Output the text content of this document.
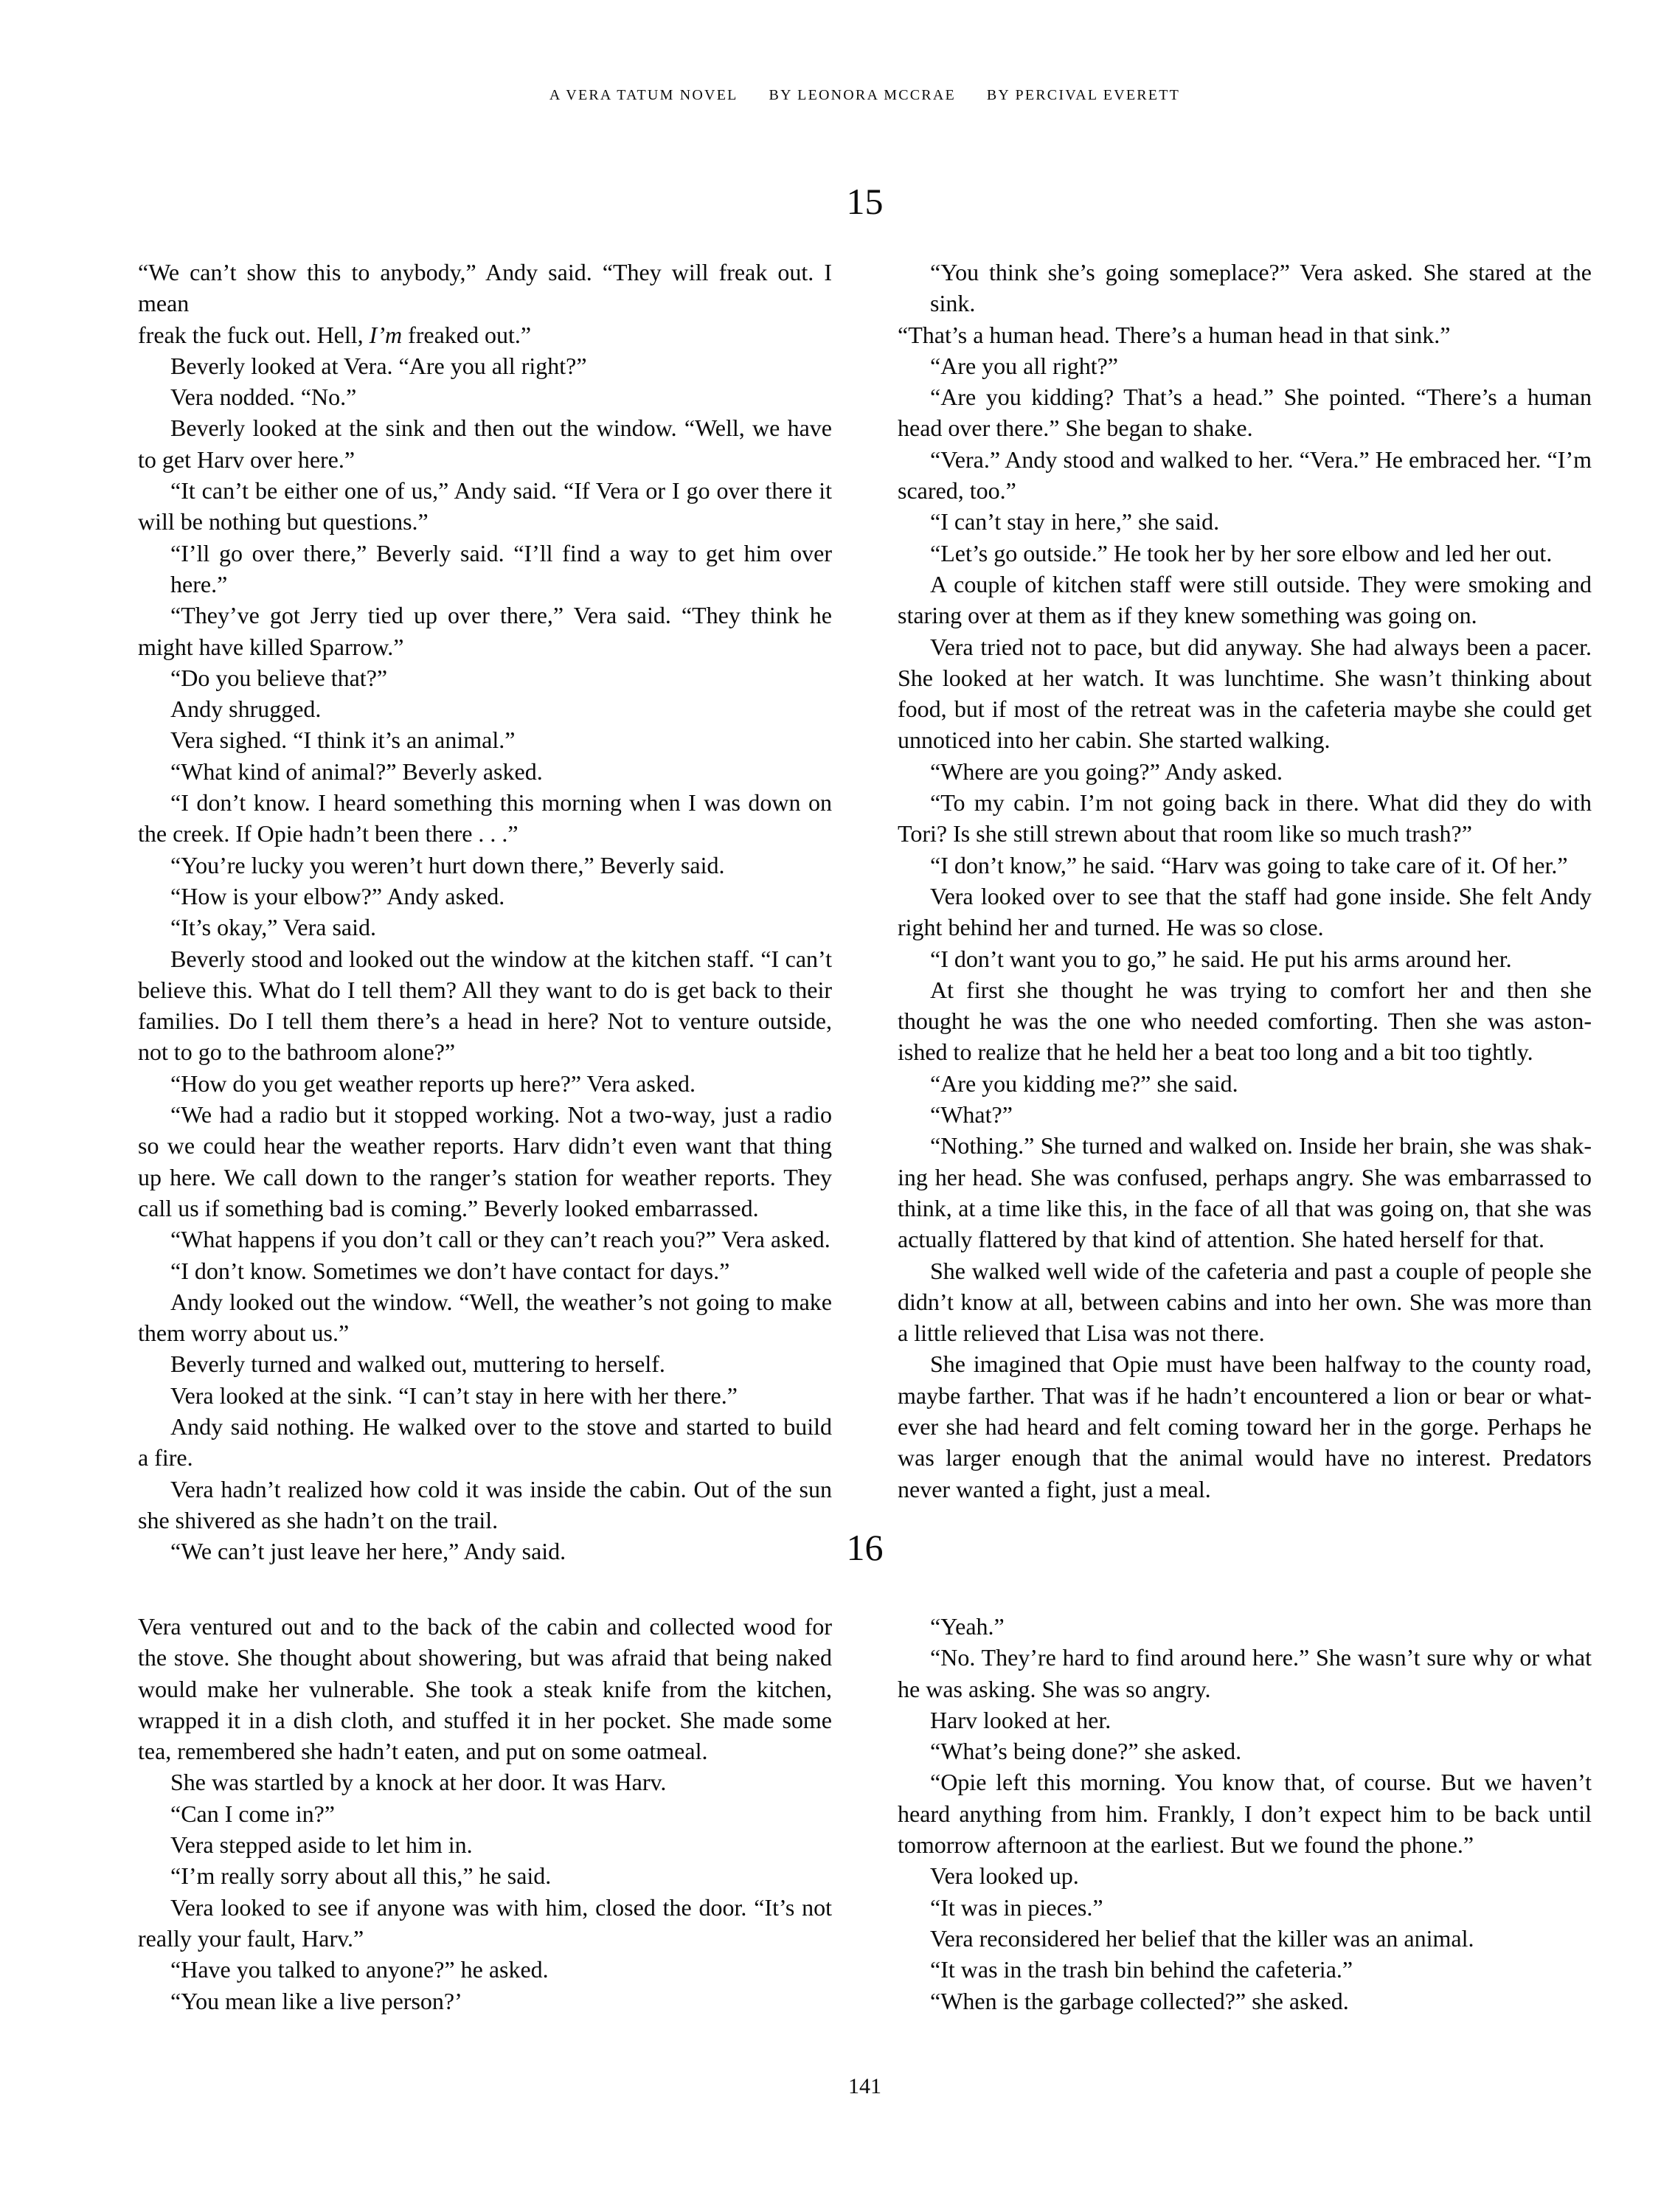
A VERA TATUM NOVEL BY LEONORA MCCRAE BY PERCIVAL EVERETT
15
“We can’t show this to anybody,” Andy said. “They will freak out. I mean
freak the fuck out. Hell, I’m freaked out.”
Beverly looked at Vera. “Are you all right?”
Vera nodded. “No.”
Beverly looked at the sink and then out the window. “Well, we have
to get Harv over here.”
“It can’t be either one of us,” Andy said. “If Vera or I go over there it
will be nothing but questions.”
“I’ll go over there,” Beverly said. “I’ll find a way to get him over here.”
“They’ve got Jerry tied up over there,” Vera said. “They think he
might have killed Sparrow.”
“Do you believe that?”
Andy shrugged.
Vera sighed. “I think it’s an animal.”
“What kind of animal?” Beverly asked.
“I don’t know. I heard something this morning when I was down on
the creek. If Opie hadn’t been there . . .”
“You’re lucky you weren’t hurt down there,” Beverly said.
“How is your elbow?” Andy asked.
“It’s okay,” Vera said.
Beverly stood and looked out the window at the kitchen staff. “I can’t
believe this. What do I tell them? All they want to do is get back to their
families. Do I tell them there’s a head in here? Not to venture outside,
not to go to the bathroom alone?”
“How do you get weather reports up here?” Vera asked.
“We had a radio but it stopped working. Not a two-way, just a radio
so we could hear the weather reports. Harv didn’t even want that thing
up here. We call down to the ranger’s station for weather reports. They
call us if something bad is coming.” Beverly looked embarrassed.
“What happens if you don’t call or they can’t reach you?” Vera asked.
“I don’t know. Sometimes we don’t have contact for days.”
Andy looked out the window. “Well, the weather’s not going to make
them worry about us.”
Beverly turned and walked out, muttering to herself.
Vera looked at the sink. “I can’t stay in here with her there.”
Andy said nothing. He walked over to the stove and started to build
a fire.
Vera hadn’t realized how cold it was inside the cabin. Out of the sun
she shivered as she hadn’t on the trail.
“We can’t just leave her here,” Andy said.
“You think she’s going someplace?” Vera asked. She stared at the sink.
“That’s a human head. There’s a human head in that sink.”
“Are you all right?”
“Are you kidding? That’s a head.” She pointed. “There’s a human
head over there.” She began to shake.
“Vera.” Andy stood and walked to her. “Vera.” He embraced her. “I’m
scared, too.”
“I can’t stay in here,” she said.
“Let’s go outside.” He took her by her sore elbow and led her out.
A couple of kitchen staff were still outside. They were smoking and
staring over at them as if they knew something was going on.
Vera tried not to pace, but did anyway. She had always been a pacer.
She looked at her watch. It was lunchtime. She wasn’t thinking about
food, but if most of the retreat was in the cafeteria maybe she could get
unnoticed into her cabin. She started walking.
“Where are you going?” Andy asked.
“To my cabin. I’m not going back in there. What did they do with
Tori? Is she still strewn about that room like so much trash?”
“I don’t know,” he said. “Harv was going to take care of it. Of her.”
Vera looked over to see that the staff had gone inside. She felt Andy
right behind her and turned. He was so close.
“I don’t want you to go,” he said. He put his arms around her.
At first she thought he was trying to comfort her and then she
thought he was the one who needed comforting. Then she was aston-
ished to realize that he held her a beat too long and a bit too tightly.
“Are you kidding me?” she said.
“What?”
“Nothing.” She turned and walked on. Inside her brain, she was shak-
ing her head. She was confused, perhaps angry. She was embarrassed to
think, at a time like this, in the face of all that was going on, that she was
actually flattered by that kind of attention. She hated herself for that.
She walked well wide of the cafeteria and past a couple of people she
didn’t know at all, between cabins and into her own. She was more than
a little relieved that Lisa was not there.
She imagined that Opie must have been halfway to the county road,
maybe farther. That was if he hadn’t encountered a lion or bear or what-
ever she had heard and felt coming toward her in the gorge. Perhaps he
was larger enough that the animal would have no interest. Predators
never wanted a fight, just a meal.
16
Vera ventured out and to the back of the cabin and collected wood for
the stove. She thought about showering, but was afraid that being naked
would make her vulnerable. She took a steak knife from the kitchen,
wrapped it in a dish cloth, and stuffed it in her pocket. She made some
tea, remembered she hadn’t eaten, and put on some oatmeal.
She was startled by a knock at her door. It was Harv.
“Can I come in?”
Vera stepped aside to let him in.
“I’m really sorry about all this,” he said.
Vera looked to see if anyone was with him, closed the door. “It’s not
really your fault, Harv.”
“Have you talked to anyone?” he asked.
“You mean like a live person?’
“Yeah.”
“No. They’re hard to find around here.” She wasn’t sure why or what
he was asking. She was so angry.
Harv looked at her.
“What’s being done?” she asked.
“Opie left this morning. You know that, of course. But we haven’t
heard anything from him. Frankly, I don’t expect him to be back until
tomorrow afternoon at the earliest. But we found the phone.”
Vera looked up.
“It was in pieces.”
Vera reconsidered her belief that the killer was an animal.
“It was in the trash bin behind the cafeteria.”
“When is the garbage collected?” she asked.
141
